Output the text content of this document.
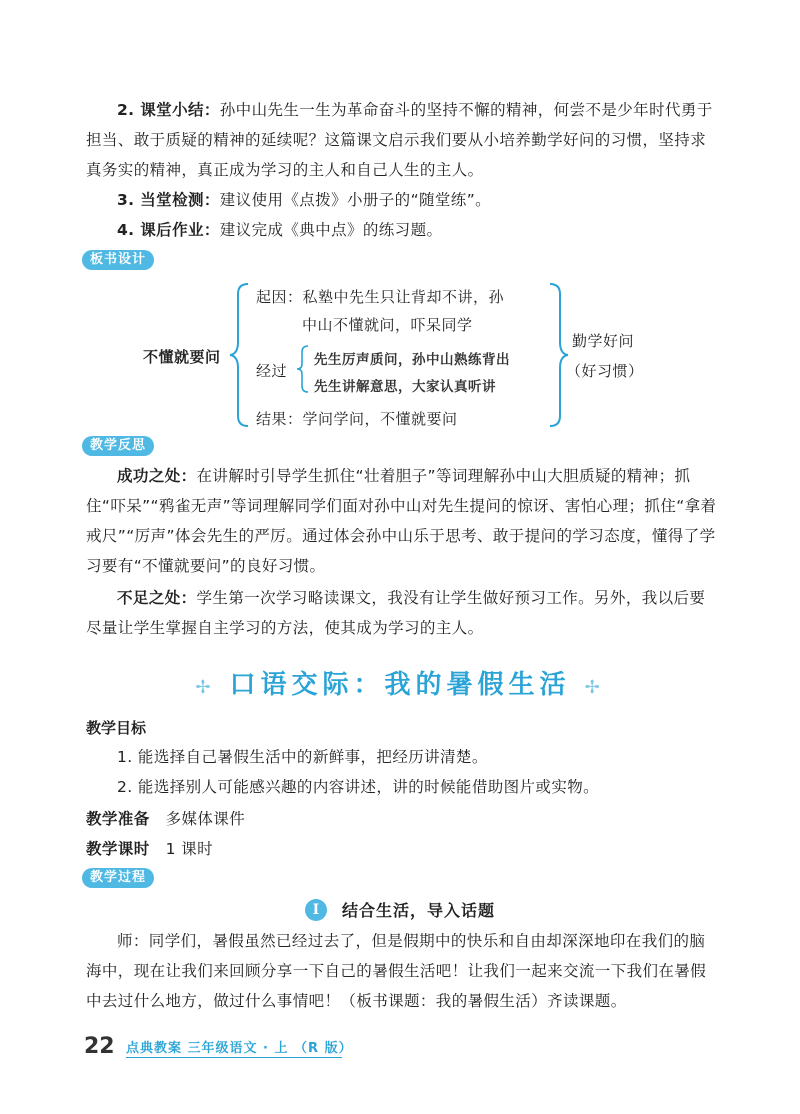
2. 课堂小结：孙中山先生一生为革命奋斗的坚持不懈的精神，何尝不是少年时代勇于担当、敢于质疑的精神的延续呢？这篇课文启示我们要从小培养勤学好问的习惯，坚持求真务实的精神，真正成为学习的主人和自己人生的主人。
3. 当堂检测：建议使用《点拨》小册子的“随堂练”。
4. 课后作业：建议完成《典中点》的练习题。
板书设计
不懂就要问
起因：私塾中先生只让背却不讲，孙
中山不懂就问，吓呆同学
经过
先生厉声质问，孙中山熟练背出
先生讲解意思，大家认真听讲
结果：学问学问，不懂就要问
勤学好问
（好习惯）
教学反思
成功之处：在讲解时引导学生抓住“壮着胆子”等词理解孙中山大胆质疑的精神；抓住“吓呆”“鸦雀无声”等词理解同学们面对孙中山对先生提问的惊讶、害怕心理；抓住“拿着戒尺”“厉声”体会先生的严厉。通过体会孙中山乐于思考、敢于提问的学习态度，懂得了学习要有“不懂就要问”的良好习惯。
不足之处：学生第一次学习略读课文，我没有让学生做好预习工作。另外，我以后要尽量让学生掌握自主学习的方法，使其成为学习的主人。
✢ 口语交际：我的暑假生活 ✢
教学目标
1. 能选择自己暑假生活中的新鲜事，把经历讲清楚。
2. 能选择别人可能感兴趣的内容讲述，讲的时候能借助图片或实物。
教学准备 多媒体课件
教学课时 1 课时
教学过程
I 结合生活，导入话题
师：同学们，暑假虽然已经过去了，但是假期中的快乐和自由却深深地印在我们的脑海中，现在让我们来回顾分享一下自己的暑假生活吧！让我们一起来交流一下我们在暑假中去过什么地方，做过什么事情吧！（板书课题：我的暑假生活）齐读课题。
22 点典教案 三年级语文 · 上 （R 版）
